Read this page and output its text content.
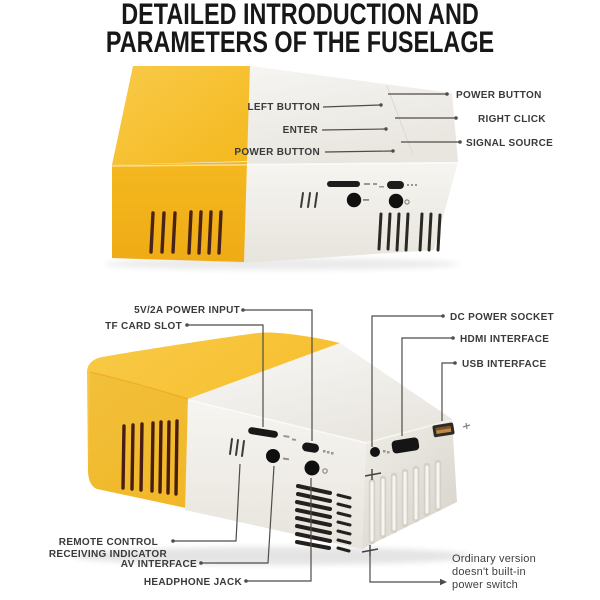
DETAILED INTRODUCTION AND
PARAMETERS OF THE FUSELAGE
LEFT BUTTON
ENTER
POWER BUTTON
POWER BUTTON
RIGHT CLICK
SIGNAL SOURCE
5V/2A POWER INPUT
TF CARD SLOT
DC POWER SOCKET
HDMI INTERFACE
USB INTERFACE
REMOTE CONTROL
RECEIVING INDICATOR
AV INTERFACE
HEADPHONE JACK
Ordinary version
doesn't built-in
power switch
